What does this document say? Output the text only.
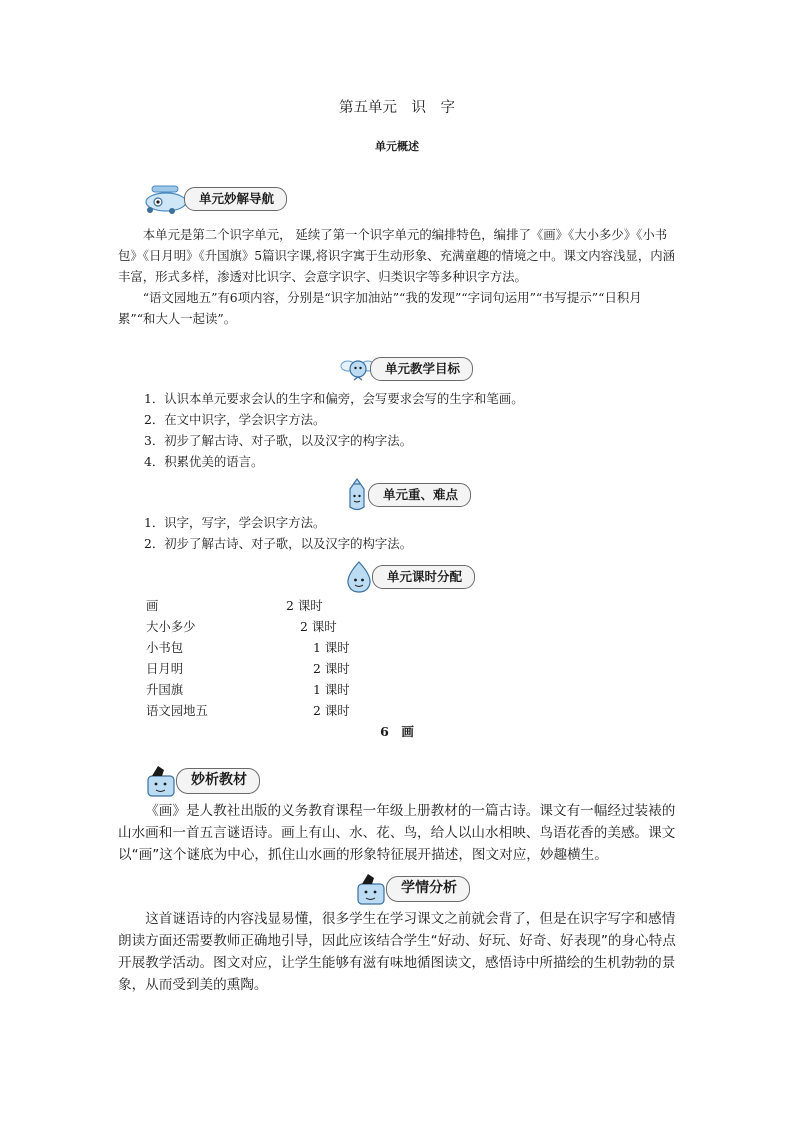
第五单元　识　字
单元概述
单元妙解导航

本单元是第二个识字单元， 延续了第一个识字单元的编排特色，编排了《画》《大小多少》《小书包》《日月明》《升国旗》5篇识字课,将识字寓于生动形象、充满童趣的情境之中。课文内容浅显，内涵丰富，形式多样，渗透对比识字、会意字识字、归类识字等多种识字方法。

“语文园地五”有6项内容，分别是“识字加油站”“我的发现”“字词句运用”“书写提示”“日积月累”“和大人一起读”。

单元教学目标

1．认识本单元要求会认的生字和偏旁，会写要求会写的生字和笔画。

2．在文中识字，学会识字方法。

3．初步了解古诗、对子歌，以及汉字的构字法。

4．积累优美的语言。

单元重、难点

1．识字，写字，学会识字方法。

2．初步了解古诗、对子歌，以及汉字的构字法。

单元课时分配
画	2 课时
大小多少	2 课时
小书包	1 课时
日月明	2 课时
升国旗	1 课时
语文园地五	2 课时
6　画
妙析教材

《画》是人教社出版的义务教育课程一年级上册教材的一篇古诗。课文有一幅经过装裱的山水画和一首五言谜语诗。画上有山、水、花、鸟，给人以山水相映、鸟语花香的美感。课文以“画”这个谜底为中心，抓住山水画的形象特征展开描述，图文对应，妙趣横生。

学情分析

这首谜语诗的内容浅显易懂，很多学生在学习课文之前就会背了，但是在识字写字和感情朗读方面还需要教师正确地引导，因此应该结合学生“好动、好玩、好奇、好表现”的身心特点开展教学活动。图文对应，让学生能够有滋有味地循图读文，感悟诗中所描绘的生机勃勃的景象，从而受到美的熏陶。
